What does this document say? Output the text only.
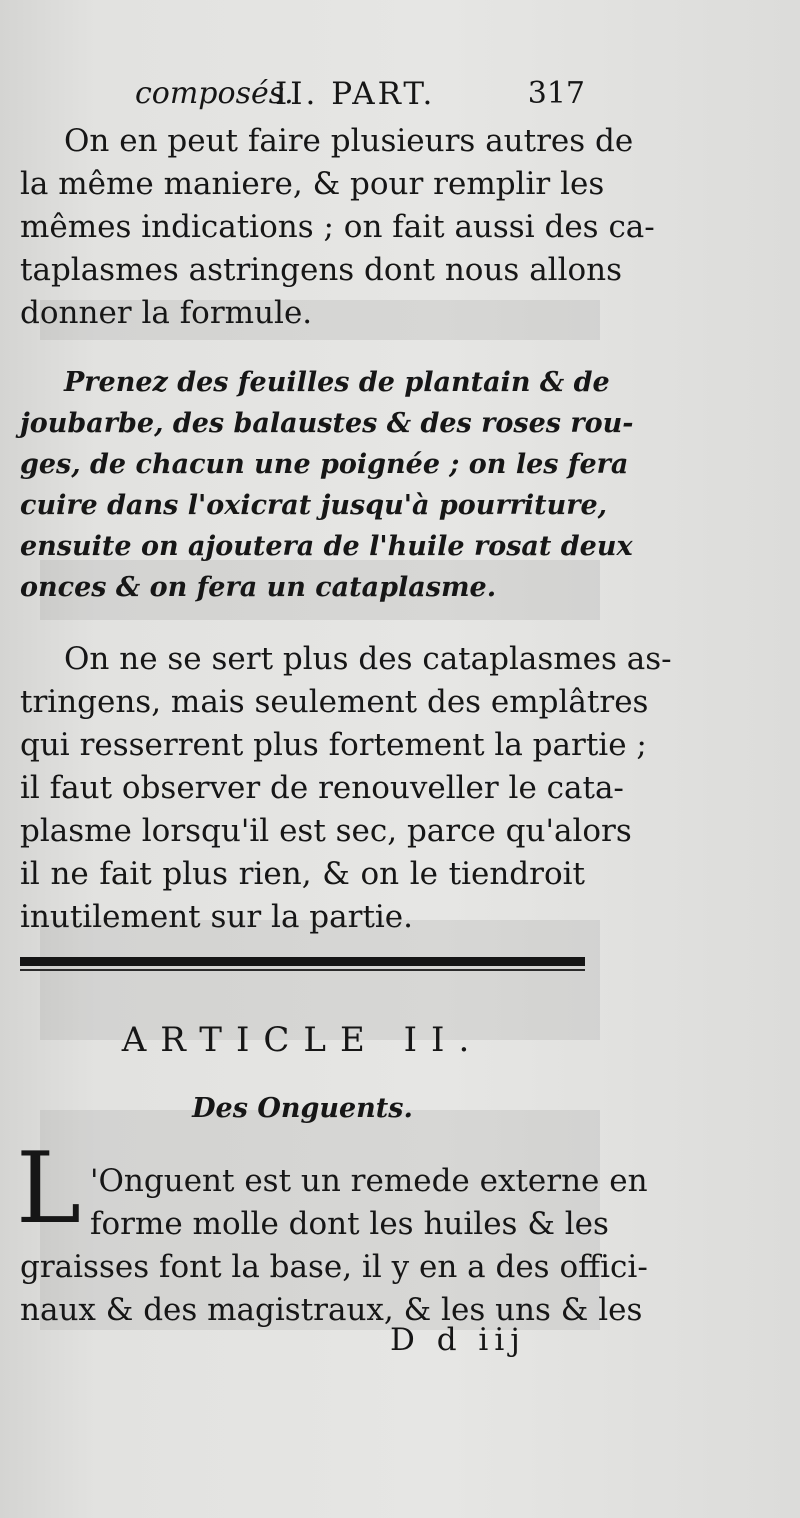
composés.
II. PART.	317
On en peut faire plusieurs autres de
la même maniere, & pour remplir les
mêmes indications ; on fait aussi des ca-
taplasmes astringens dont nous allons
donner la formule.
Prenez des feuilles de plantain & de
joubarbe, des balaustes & des roses rou-
ges, de chacun une poignée ; on les fera
cuire dans l'oxicrat jusqu'à pourriture,
ensuite on ajoutera de l'huile rosat deux
onces & on fera un cataplasme.
On ne se sert plus des cataplasmes as-
tringens, mais seulement des emplâtres
qui resserrent plus fortement la partie ;
il faut observer de renouveller le cata-
plasme lorsqu'il est sec, parce qu'alors
il ne fait plus rien, & on le tiendroit
inutilement sur la partie.
ARTICLE II.
Des Onguents.
L 'Onguent est un remede externe en
forme molle dont les huiles & les
graisses font la base, il y en a des offici-
naux & des magistraux, & les uns & les
D d iij
